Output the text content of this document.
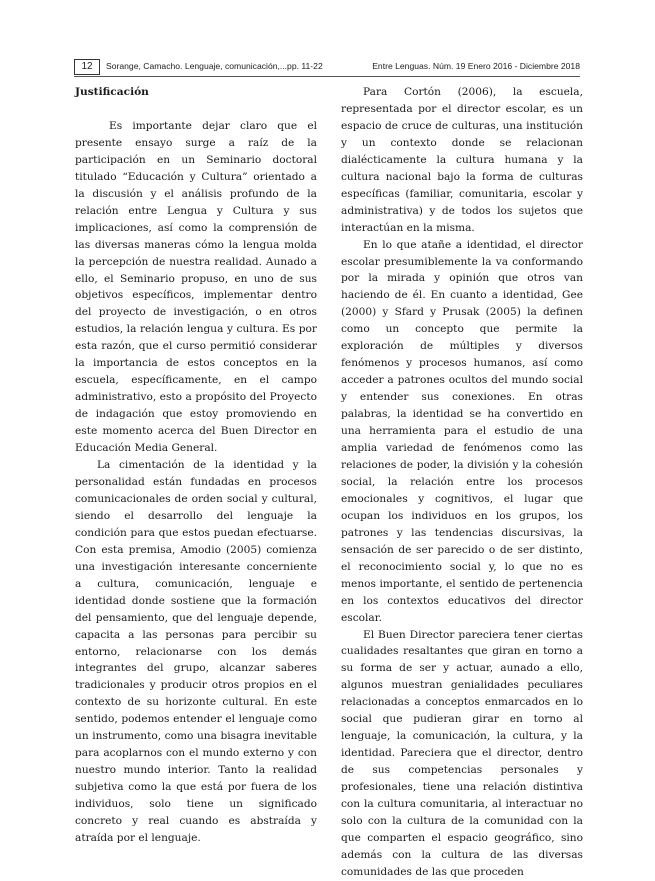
12	Sorange, Camacho. Lenguaje, comunicación,...pp. 11-22	Entre Lenguas. Núm. 19 Enero 2016 - Diciembre 2018
Justificación

Es importante dejar claro que el presente ensayo surge a raíz de la participación en un Seminario doctoral titulado “Educación y Cultura” orientado a la discusión y el análisis profundo de la relación entre Lengua y Cultura y sus implicaciones, así como la comprensión de las diversas maneras cómo la lengua molda la percepción de nuestra realidad. Aunado a ello, el Seminario propuso, en uno de sus objetivos específicos, implementar dentro del proyecto de investigación, o en otros estudios, la relación lengua y cultura. Es por esta razón, que el curso permitió considerar la importancia de estos conceptos en la escuela, específicamente, en el campo administrativo, esto a propósito del Proyecto de indagación que estoy promoviendo en este momento acerca del Buen Director en Educación Media General.

La cimentación de la identidad y la personalidad están fundadas en procesos comunicacionales de orden social y cultural, siendo el desarrollo del lenguaje la condición para que estos puedan efectuarse. Con esta premisa, Amodio (2005) comienza una investigación interesante concerniente a cultura, comunicación, lenguaje e identidad donde sostiene que la formación del pensamiento, que del lenguaje depende, capacita a las personas para percibir su entorno, relacionarse con los demás integrantes del grupo, alcanzar saberes tradicionales y producir otros propios en el contexto de su horizonte cultural. En este sentido, podemos entender el lenguaje como un instrumento, como una bisagra inevitable para acoplarnos con el mundo externo y con nuestro mundo interior. Tanto la realidad subjetiva como la que está por fuera de los individuos, solo tiene un significado concreto y real cuando es abstraída y atraída por el lenguaje.

Para Cortón (2006), la escuela, representada por el director escolar, es un espacio de cruce de culturas, una institución y un contexto donde se relacionan dialécticamente la cultura humana y la cultura nacional bajo la forma de culturas específicas (familiar, comunitaria, escolar y administrativa) y de todos los sujetos que interactúan en la misma.

En lo que atañe a identidad, el director escolar presumiblemente la va conformando por la mirada y opinión que otros van haciendo de él. En cuanto a identidad, Gee (2000) y Sfard y Prusak (2005) la definen como un concepto que permite la exploración de múltiples y diversos fenómenos y procesos humanos, así como acceder a patrones ocultos del mundo social y entender sus conexiones. En otras palabras, la identidad se ha convertido en una herramienta para el estudio de una amplia variedad de fenómenos como las relaciones de poder, la división y la cohesión social, la relación entre los procesos emocionales y cognitivos, el lugar que ocupan los individuos en los grupos, los patrones y las tendencias discursivas, la sensación de ser parecido o de ser distinto, el reconocimiento social y, lo que no es menos importante, el sentido de pertenencia en los contextos educativos del director escolar.

El Buen Director pareciera tener ciertas cualidades resaltantes que giran en torno a su forma de ser y actuar, aunado a ello, algunos muestran genialidades peculiares relacionadas a conceptos enmarcados en lo social que pudieran girar en torno al lenguaje, la comunicación, la cultura, y la identidad. Pareciera que el director, dentro de sus competencias personales y profesionales, tiene una relación distintiva con la cultura comunitaria, al interactuar no solo con la cultura de la comunidad con la que comparten el espacio geográfico, sino además con la cultura de las diversas comunidades de las que proceden
